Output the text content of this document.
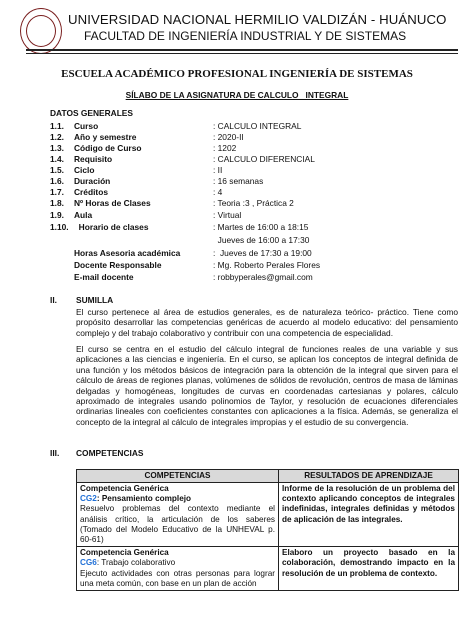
UNIVERSIDAD NACIONAL HERMILIO VALDIZÁN - HUÁNUCO
FACULTAD DE INGENIERÍA INDUSTRIAL Y DE SISTEMAS
ESCUELA ACADÉMICO PROFESIONAL INGENIERÍA DE SISTEMAS
SÍLABO DE LA ASIGNATURA DE CALCULO   INTEGRAL
DATOS GENERALES
1.1. Curso	: CALCULO INTEGRAL
1.2. Año y semestre	: 2020-II
1.3. Código de Curso	: 1202
1.4. Requisito	: CALCULO DIFERENCIAL
1.5. Ciclo	: II
1.6. Duración	: 16 semanas
1.7. Créditos	: 4
1.8. Nº Horas de Clases	: Teoria :3 , Práctica 2
1.9. Aula	: Virtual
1.10. Horario de clases	: Martes de 16:00 a 18:15
Jueves de 16:00 a 17:30
Horas Asesoria académica	:  Jueves de 17:30 a 19:00
Docente Responsable	: Mg. Roberto Perales Flores
E-mail docente	: robbyperales@gmail.com
II. SUMILLA

El curso pertenece al área de estudios generales, es de naturaleza teórico- práctico. Tiene como propósito desarrollar las competencias genéricas de acuerdo al modelo educativo: del pensamiento complejo y del trabajo colaborativo y contribuir con una competencia de especialidad.

El curso se centra en el estudio del cálculo integral de funciones reales de una variable y sus aplicaciones a las ciencias e ingeniería. En el curso, se aplican los conceptos de integral definida de una función y los métodos básicos de integración para la obtención de la integral que sirven para el cálculo de áreas de regiones planas, volúmenes de sólidos de revolución, centros de masa de láminas delgadas y homogéneas, longitudes de curvas en coordenadas cartesianas y polares, cálculo aproximado de integrales usando polinomios de Taylor, y resolución de ecuaciones diferenciales ordinarias lineales con coeficientes constantes con aplicaciones a la física. Además, se generaliza el concepto de la integral al cálculo de integrales impropias y el estudio de su convergencia.

III. COMPETENCIAS
COMPETENCIAS	RESULTADOS DE APRENDIZAJE

Competencia Genérica
CG2: Pensamiento complejo
Resuelvo problemas del contexto mediante el análisis crítico, la articulación de los saberes (Tomado del Modelo Educativo de la UNHEVAL p. 60-61)	Informe de la resolución de un problema del contexto aplicando conceptos de integrales indefinidas, integrales definidas y métodos de aplicación de las integrales.

Competencia Genérica
CG6: Trabajo colaborativo
Ejecuto actividades con otras personas para lograr una meta común, con base en un plan de acción	Elaboro un proyecto basado en la colaboración, demostrando impacto en la resolución de un problema de contexto.
